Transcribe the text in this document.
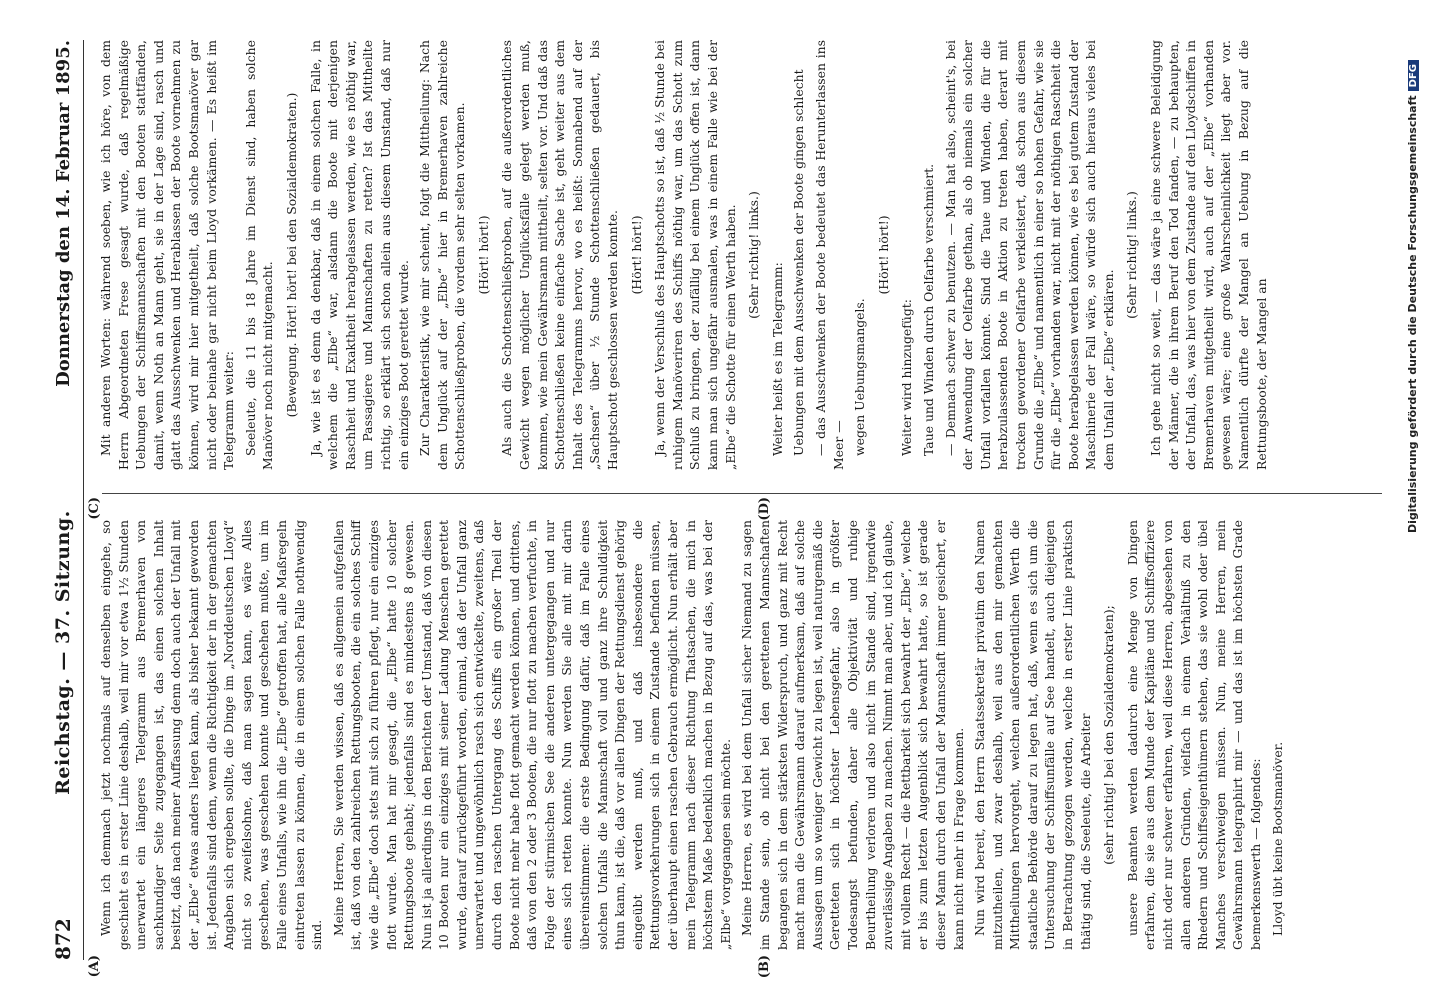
Digitalisierung gefördert durch die Deutsche ForschungsgemeinschaftDFG
872
Reichstag. — 37. Sitzung.
Donnerstag den 14. Februar 1895.

Wenn ich demnach jetzt nochmals auf denselben eingehe, so geschieht es in erster Linie deshalb, weil mir vor etwa 1½ Stunden unerwartet ein längeres Telegramm aus Bremerhaven von sachkundiger Seite zugegangen ist, das einen solchen Inhalt besitzt, daß nach meiner Auffassung denn doch auch der Unfall mit der „Elbe“ etwas anders liegen kann, als bisher bekannt geworden ist. Jedenfalls sind denn, wenn die Richtigkeit der in der gemachten Angaben sich ergeben sollte, die Dinge im „Norddeutschen Lloyd“ nicht so zweifelsohne, daß man sagen kann, es wäre Alles geschehen, was geschehen konnte und geschehen mußte, um im Falle eines Unfalls, wie ihn die „Elbe“ getroffen hat, alle Maßregeln eintreten lassen zu können, die in einem solchen Falle nothwendig sind. Meine Herren, Sie werden wissen, daß es allgemein aufgefallen ist, daß von den zahlreichen Rettungsbooten, die ein solches Schiff wie die „Elbe“ doch stets mit sich zu führen pflegt, nur ein einziges flott wurde. Man hat mir gesagt, die „Elbe“ hatte 10 solcher Rettungsboote gehabt; jedenfalls sind es mindestens 8 gewesen. Nun ist ja allerdings in den Berichten der Umstand, daß von diesen 10 Booten nur ein einziges mit seiner Ladung Menschen gerettet wurde, darauf zurückgeführt worden, einmal, daß der Unfall ganz unerwartet und ungewöhnlich rasch sich entwickelte, zweitens, daß durch den raschen Untergang des Schiffs ein großer Theil der Boote nicht mehr habe flott gemacht werden können, und drittens, daß von den 2 oder 3 Booten, die nur flott zu machen verfuchte, in Folge der stürmischen See die anderen untergegangen und nur eines sich retten konnte. Nun werden Sie alle mit mir darin übereinstimmen: die erste Bedingung dafür, daß im Falle eines solchen Unfalls die Mannschaft voll und ganz ihre Schuldigkeit thun kann, ist die, daß vor allen Dingen der Rettungsdienst gehörig eingeübt werden muß, und daß insbesondere die Rettungsvorkehrungen sich in einem Zustande befinden müssen, der überhaupt einen raschen Gebrauch ermöglicht. Nun erhält aber mein Telegramm nach dieser Richtung Thatsachen, die mich in höchstem Maße bedenklich machen in Bezug auf das, was bei der „Elbe“ vorgegangen sein möchte. Meine Herren, es wird bei dem Unfall sicher Niemand zu sagen im Stande sein, ob nicht bei den gerettenen Mannschaften begangen sich in dem stärksten Widerspruch, und ganz mit Recht macht man die Gewährsmann darauf aufmerksam, daß auf solche Aussagen um so weniger Gewicht zu legen ist, weil naturgemäß die Geretteten sich in höchster Lebensgefahr, also in größter Todesangst befunden, daher alle Objektivität und ruhige Beurtheilung verloren und also nicht im Stande sind, irgendwie zuverlässige Angaben zu machen. Nimmt man aber, und ich glaube, mit vollem Recht — die Rettbarkeit sich bewahrt der „Elbe“, welche er bis zum letzten Augenblick sich bewahrt hatte, so ist gerade dieser Mann durch den Unfall der Mannschaft immer gesichert, er kann nicht mehr in Frage kommen. Nun wird bereit, den Herrn Staatssekretär privatim den Namen mitzutheilen, und zwar deshalb, weil aus den mir gemachten Mittheilungen hervorgeht, welchen außerordentlichen Werth die staatliche Behörde darauf zu legen hat, daß, wenn es sich um die Untersuchung der Schiffsunfälle auf See handelt, auch diejenigen in Betrachtung gezogen werden, welche in erster Linie praktisch thätig sind, die Seeleute, die Arbeiter (sehr richtig! bei den Sozialdemokraten); unsere Beamten werden dadurch eine Menge von Dingen erfahren, die sie aus dem Munde der Kapitäne und Schiffsoffiziere nicht oder nur schwer erfahren, weil diese Herren, abgesehen von allen anderen Gründen, vielfach in einem Verhältniß zu den Rhedern und Schiffseigenthümern stehen, das sie wohl oder übel Manches verschweigen müssen. Nun, meine Herren, mein Gewährsmann telegraphirt mir — und das ist im höchsten Grade bemerkenswerth — folgendes: Lloyd übt keine Bootsmanöver.

Mit anderen Worten: während soeben, wie ich höre, von dem Herrn Abgeordneten Frese gesagt wurde, daß regelmäßige Uebungen der Schiffsmannschaften mit den Booten stattfänden, damit, wenn Noth an Mann geht, sie in der Lage sind, rasch und glatt das Ausschwenken und Herablassen der Boote vornehmen zu können, wird mir hier mitgetheilt, daß solche Bootsmanöver gar nicht oder beinahe gar nicht beim Lloyd vorkämen. — Es heißt im Telegramm weiter: Seeleute, die 11 bis 18 Jahre im Dienst sind, haben solche Manöver noch nicht mitgemacht. (Bewegung. Hört! hört! bei den Sozialdemokraten.) Ja, wie ist es denn da denkbar, daß in einem solchen Falle, in welchem die „Elbe“ war, alsdann die Boote mit derjenigen Raschheit und Exaktheit herabgelassen werden, wie es nöthig war, um Passagiere und Mannschaften zu retten? Ist das Mittheilte richtig, so erklärt sich schon allein aus diesem Umstand, daß nur ein einziges Boot gerettet wurde. Zur Charakteristik, wie mir scheint, folgt die Mittheilung: Nach dem Unglück auf der „Elbe“ hier in Bremerhaven zahlreiche Schottenschließproben, die vordem sehr selten vorkamen. (Hört! hört!) Als auch die Schottenschließproben, auf die außerordentliches Gewicht wegen möglicher Unglücksfälle gelegt werden muß, kommen, wie mein Gewährsmann mittheilt, selten vor. Und daß das Schottenschließen keine einfache Sache ist, geht weiter aus dem Inhalt des Telegramms hervor, wo es heißt: Sonnabend auf der „Sachsen“ über ½ Stunde Schottenschließen gedauert, bis Hauptschott geschlossen werden konnte. (Hört! hört!) Ja, wenn der Verschluß des Hauptschotts so ist, daß ½ Stunde bei ruhigem Manöveriren des Schiffs nöthig war, um das Schott zum Schluß zu bringen, der zufällig bei einem Unglück offen ist, dann kann man sich ungefähr ausmalen, was in einem Falle wie bei der „Elbe“ die Schotte für einen Werth haben. (Sehr richtig! links.)

Weiter heißt es im Telegramm: Uebungen mit dem Ausschwenken der Boote gingen schlecht — das Ausschwenken der Boote bedeutet das Herunterlassen ins Meer — wegen Uebungsmangels.

(Hört! hört!)

Weiter wird hinzugefügt: Taue und Winden durch Oelfarbe verschmiert. — Demnach schwer zu benutzen. — Man hat also, scheint's, bei der Anwendung der Oelfarbe gethan, als ob niemals ein solcher Unfall vorfallen könnte. Sind die Taue und Winden, die für die herabzulassenden Boote in Aktion zu treten haben, derart mit trocken gewordener Oelfarbe verkleistert, daß schon aus diesem Grunde die „Elbe“ und namentlich in einer so hohen Gefahr, wie sie für die „Elbe“ vorhanden war, nicht mit der nöthigen Raschheit die Boote herabgelassen werden können, wie es bei gutem Zustand der Maschinerie der Fall wäre, so würde sich auch hieraus vieles bei dem Unfall der „Elbe“ erklären.

(Sehr richtig! links.) Ich gehe nicht so weit, — das wäre ja eine schwere Beleidigung der Männer, die in ihrem Beruf den Tod fanden, — zu behaupten, der Unfall, das, was hier von dem Zustande auf den Lloydschiffen in Bremerhaven mitgetheilt wird, auch auf der „Elbe“ vorhanden gewesen wäre; eine große Wahrscheinlichkeit liegt aber vor. Namentlich dürfte der Mangel an Uebung in Bezug auf die Rettungsboote, der Mangel an

(A)	(B)
(C)	(D)
